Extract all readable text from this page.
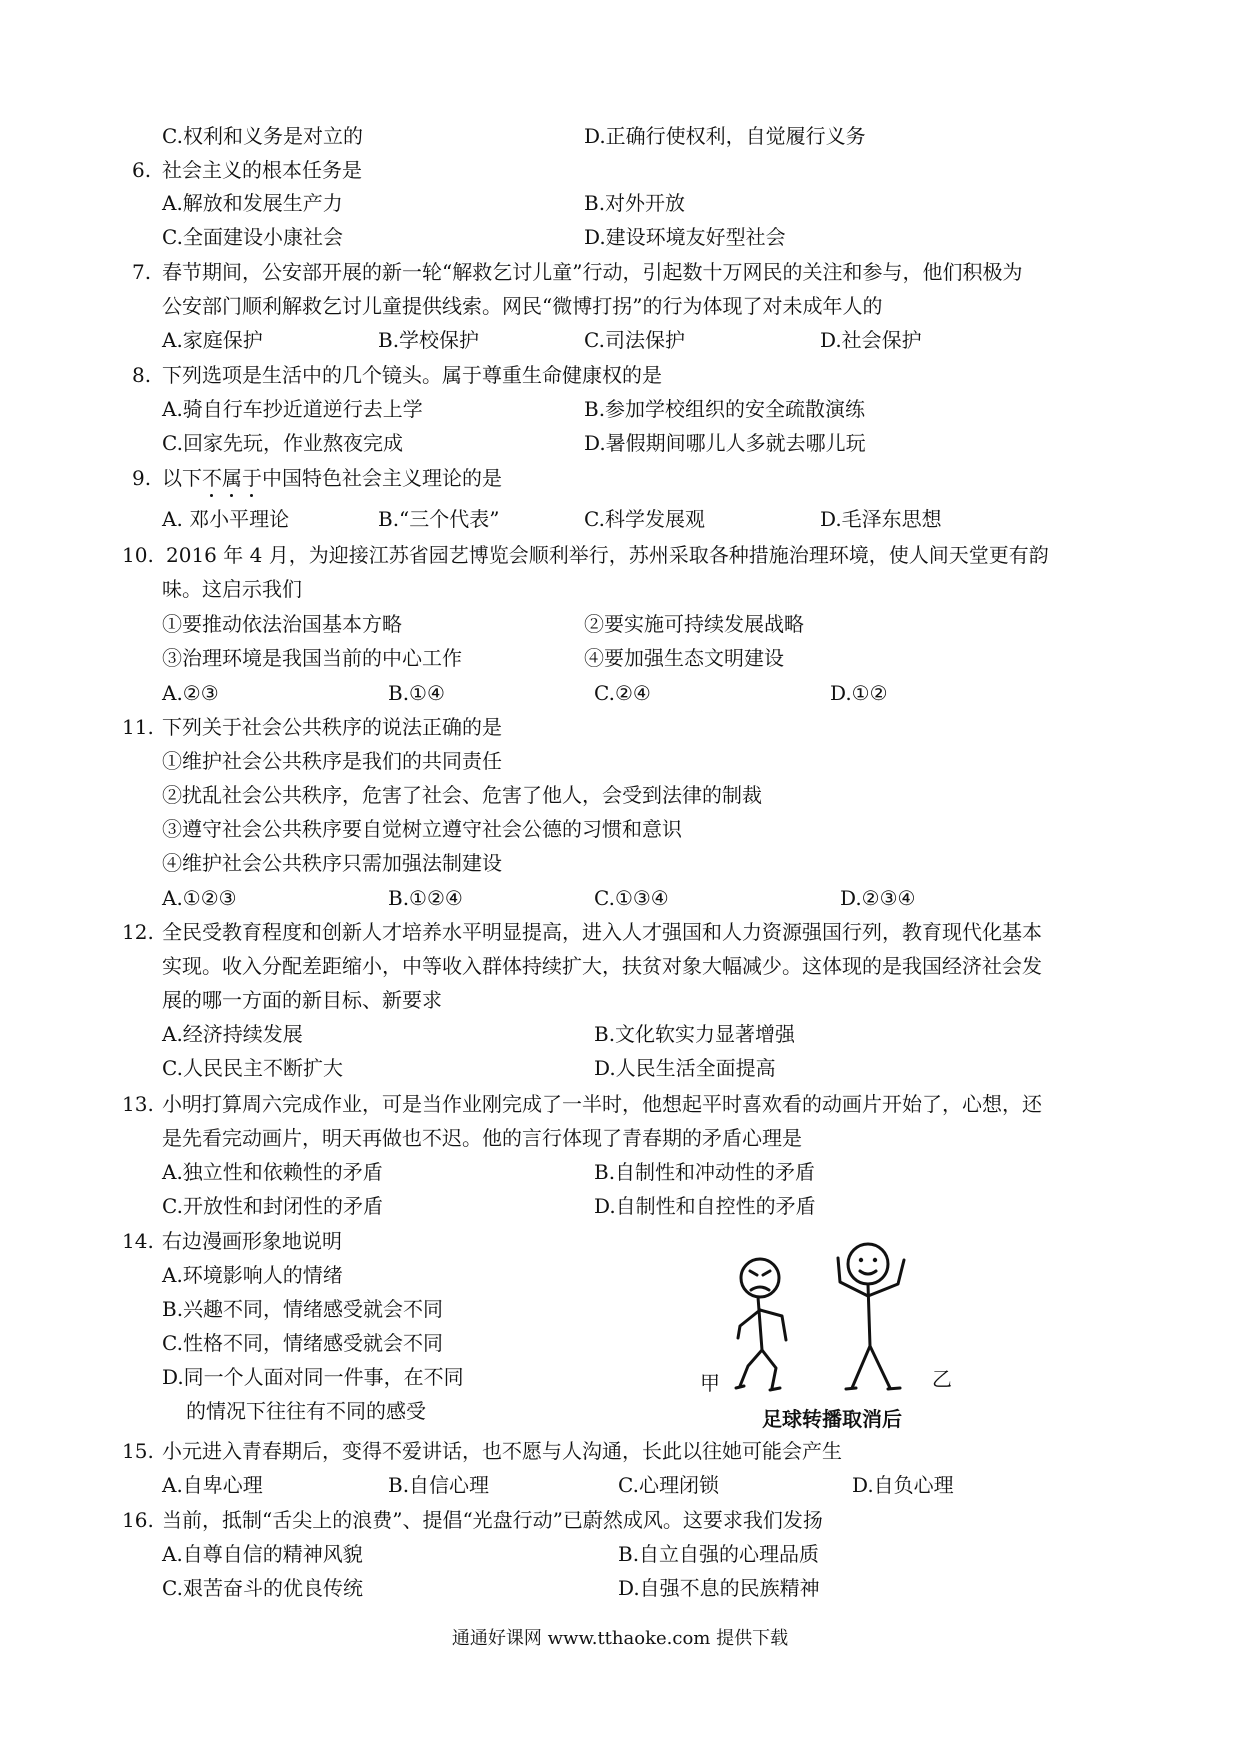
C.权利和义务是对立的	D.正确行使权利，自觉履行义务
6. 社会主义的根本任务是
A.解放和发展生产力	B.对外开放
C.全面建设小康社会	D.建设环境友好型社会
7. 春节期间，公安部开展的新一轮“解救乞讨儿童”行动，引起数十万网民的关注和参与，他们积极为
公安部门顺利解救乞讨儿童提供线索。网民“微博打拐”的行为体现了对未成年人的
A.家庭保护	B.学校保护	C.司法保护	D.社会保护
8. 下列选项是生活中的几个镜头。属于尊重生命健康权的是
A.骑自行车抄近道逆行去上学	B.参加学校组织的安全疏散演练
C.回家先玩，作业熬夜完成	D.暑假期间哪儿人多就去哪儿玩
9. 以下不属于中国特色社会主义理论的是
A. 邓小平理论	B.“三个代表”	C.科学发展观	D.毛泽东思想
10. 2016 年 4 月，为迎接江苏省园艺博览会顺利举行，苏州采取各种措施治理环境，使人间天堂更有韵
味。这启示我们
①要推动依法治国基本方略	②要实施可持续发展战略
③治理环境是我国当前的中心工作	④要加强生态文明建设
A.②③	B.①④	C.②④	D.①②
11. 下列关于社会公共秩序的说法正确的是
①维护社会公共秩序是我们的共同责任
②扰乱社会公共秩序，危害了社会、危害了他人，会受到法律的制裁
③遵守社会公共秩序要自觉树立遵守社会公德的习惯和意识
④维护社会公共秩序只需加强法制建设
A.①②③	B.①②④	C.①③④	D.②③④
12. 全民受教育程度和创新人才培养水平明显提高，进入人才强国和人力资源强国行列，教育现代化基本
实现。收入分配差距缩小，中等收入群体持续扩大，扶贫对象大幅减少。这体现的是我国经济社会发
展的哪一方面的新目标、新要求
A.经济持续发展	B.文化软实力显著增强
C.人民民主不断扩大	D.人民生活全面提高
13. 小明打算周六完成作业，可是当作业刚完成了一半时，他想起平时喜欢看的动画片开始了，心想，还
是先看完动画片，明天再做也不迟。他的言行体现了青春期的矛盾心理是
A.独立性和依赖性的矛盾	B.自制性和冲动性的矛盾
C.开放性和封闭性的矛盾	D.自制性和自控性的矛盾
14. 右边漫画形象地说明
A.环境影响人的情绪
B.兴趣不同，情绪感受就会不同
C.性格不同，情绪感受就会不同
D.同一个人面对同一件事，在不同
的情况下往往有不同的感受
甲	乙
足球转播取消后
15. 小元进入青春期后，变得不爱讲话，也不愿与人沟通，长此以往她可能会产生
A.自卑心理	B.自信心理	C.心理闭锁	D.自负心理
16. 当前，抵制“舌尖上的浪费”、提倡“光盘行动”已蔚然成风。这要求我们发扬
A.自尊自信的精神风貌	B.自立自强的心理品质
C.艰苦奋斗的优良传统	D.自强不息的民族精神
通通好课网 www.tthaoke.com 提供下载
